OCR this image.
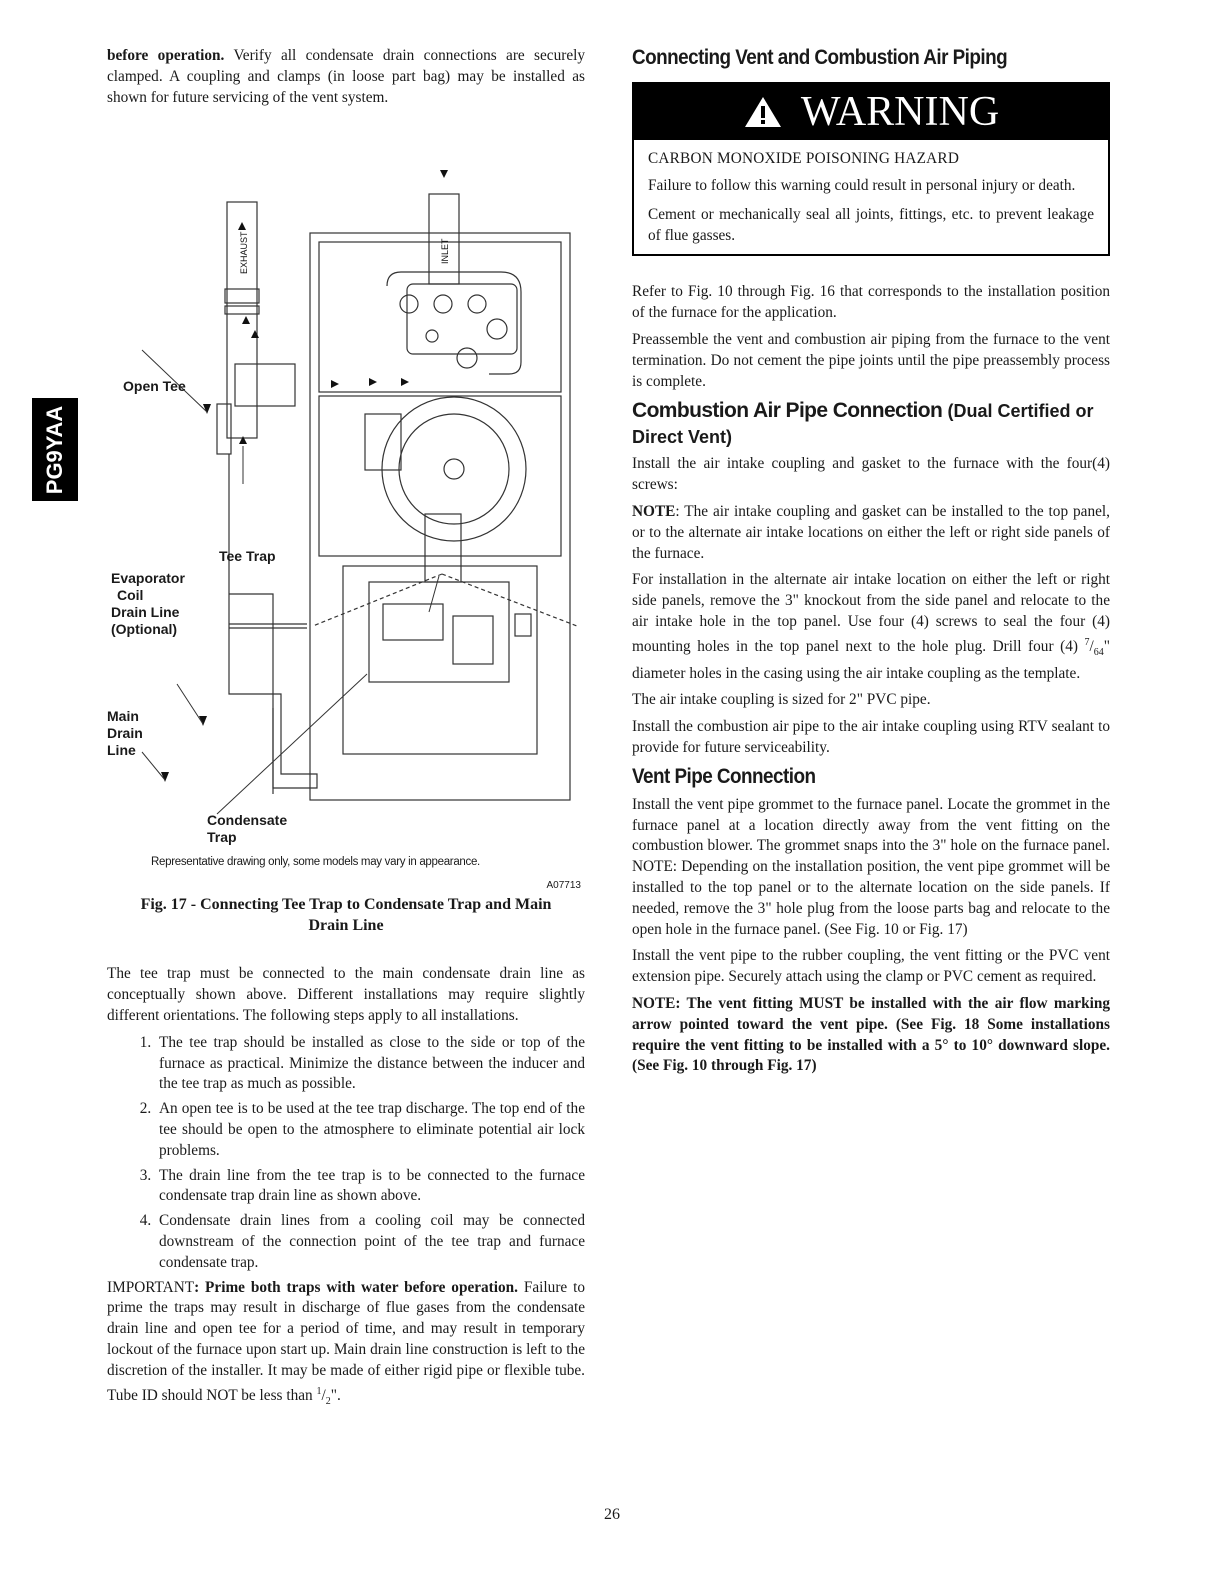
PG9YAA

before operation. Verify all condensate drain connections are securely clamped. A coupling and clamps (in loose part bag) may be installed as shown for future servicing of the vent system.

EXHAUST	INLET
Open Tee
Tee Trap
Evaporator
Coil
Drain Line
(Optional)
Main
Drain
Line
Condensate
Trap
Representative drawing only, some models may vary in appearance.
A07713
Fig. 17 - Connecting Tee Trap to Condensate Trap and Main
Drain Line

The tee trap must be connected to the main condensate drain line as conceptually shown above. Different installations may require slightly different orientations. The following steps apply to all installations.

1. The tee trap should be installed as close to the side or top of the furnace as practical. Minimize the distance between the inducer and the tee trap as much as possible.
2. An open tee is to be used at the tee trap discharge. The top end of the tee should be open to the atmosphere to eliminate potential air lock problems.
3. The drain line from the tee trap is to be connected to the furnace condensate trap drain line as shown above.
4. Condensate drain lines from a cooling coil may be connected downstream of the connection point of the tee trap and furnace condensate trap.

IMPORTANT: Prime both traps with water before operation. Failure to prime the traps may result in discharge of flue gases from the condensate drain line and open tee for a period of time, and may result in temporary lockout of the furnace upon start up. Main drain line construction is left to the discretion of the installer. It may be made of either rigid pipe or flexible tube. Tube ID should NOT be less than $^1/_2$".

Connecting Vent and Combustion Air Piping
WARNING
CARBON MONOXIDE POISONING HAZARD

Failure to follow this warning could result in personal injury or death.

Cement or mechanically seal all joints, fittings, etc. to prevent leakage of flue gasses.

Refer to Fig. 10 through Fig. 16 that corresponds to the installation position of the furnace for the application.

Preassemble the vent and combustion air piping from the furnace to the vent termination. Do not cement the pipe joints until the pipe preassembly process is complete.

Combustion Air Pipe Connection (Dual Certified or Direct Vent)

Install the air intake coupling and gasket to the furnace with the four(4) screws:

NOTE: The air intake coupling and gasket can be installed to the top panel, or to the alternate air intake locations on either the left or right side panels of the furnace.

For installation in the alternate air intake location on either the left or right side panels, remove the 3" knockout from the side panel and relocate to the air intake hole in the top panel. Use four (4) screws to seal the four (4) mounting holes in the top panel next to the hole plug. Drill four (4) $^7/_{64}$" diameter holes in the casing using the air intake coupling as the template.

The air intake coupling is sized for 2" PVC pipe.

Install the combustion air pipe to the air intake coupling using RTV sealant to provide for future serviceability.

Vent Pipe Connection

Install the vent pipe grommet to the furnace panel. Locate the grommet in the furnace panel at a location directly away from the vent fitting on the combustion blower. The grommet snaps into the 3" hole on the furnace panel. NOTE: Depending on the installation position, the vent pipe grommet will be installed to the top panel or to the alternate location on the side panels. If needed, remove the 3" hole plug from the loose parts bag and relocate to the open hole in the furnace panel. (See Fig. 10 or Fig. 17)

Install the vent pipe to the rubber coupling, the vent fitting or the PVC vent extension pipe. Securely attach using the clamp or PVC cement as required.

NOTE: The vent fitting MUST be installed with the air flow marking arrow pointed toward the vent pipe. (See Fig. 18 Some installations require the vent fitting to be installed with a 5° to 10° downward slope. (See Fig. 10 through Fig. 17)

26
